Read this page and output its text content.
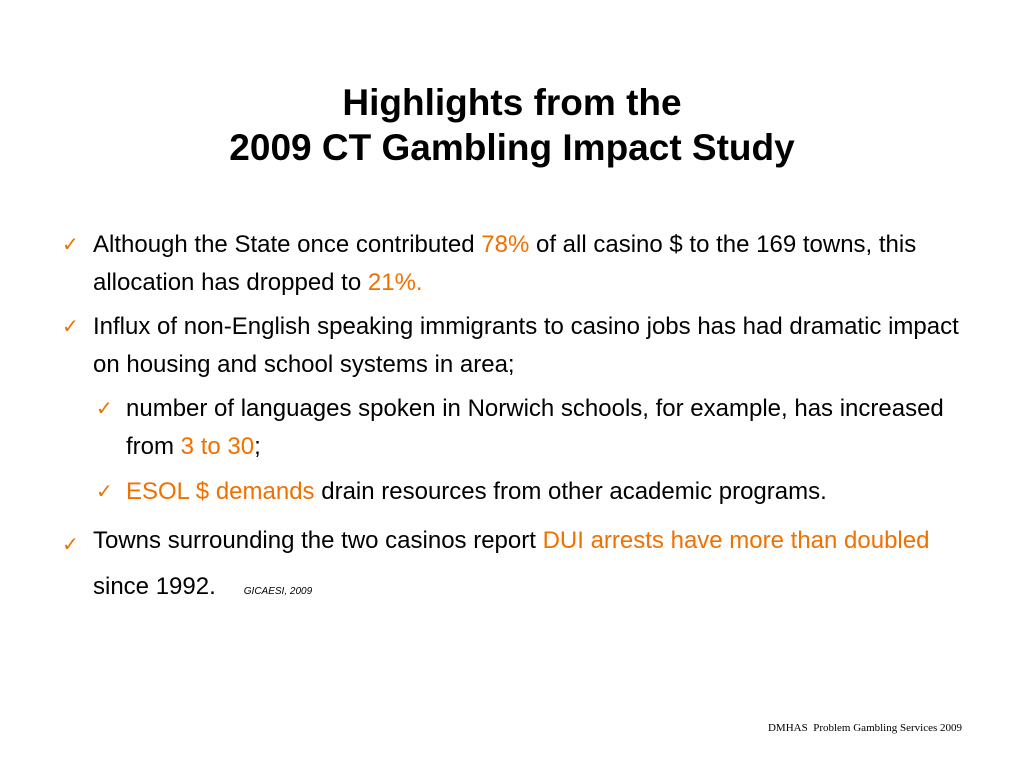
Highlights from the
2009 CT Gambling Impact Study
✓ Although the State once contributed 78% of all casino $ to the 169 towns, this allocation has dropped to 21%.
✓ Influx of non-English speaking immigrants to casino jobs has had dramatic impact on housing and school systems in area;
✓ number of languages spoken in Norwich schools, for example, has increased from 3 to 30;
✓ ESOL $ demands drain resources from other academic programs.
✓ Towns surrounding the two casinos report DUI arrests have more than doubled since 1992.	GICAESI, 2009
DMHAS  Problem Gambling Services 2009
